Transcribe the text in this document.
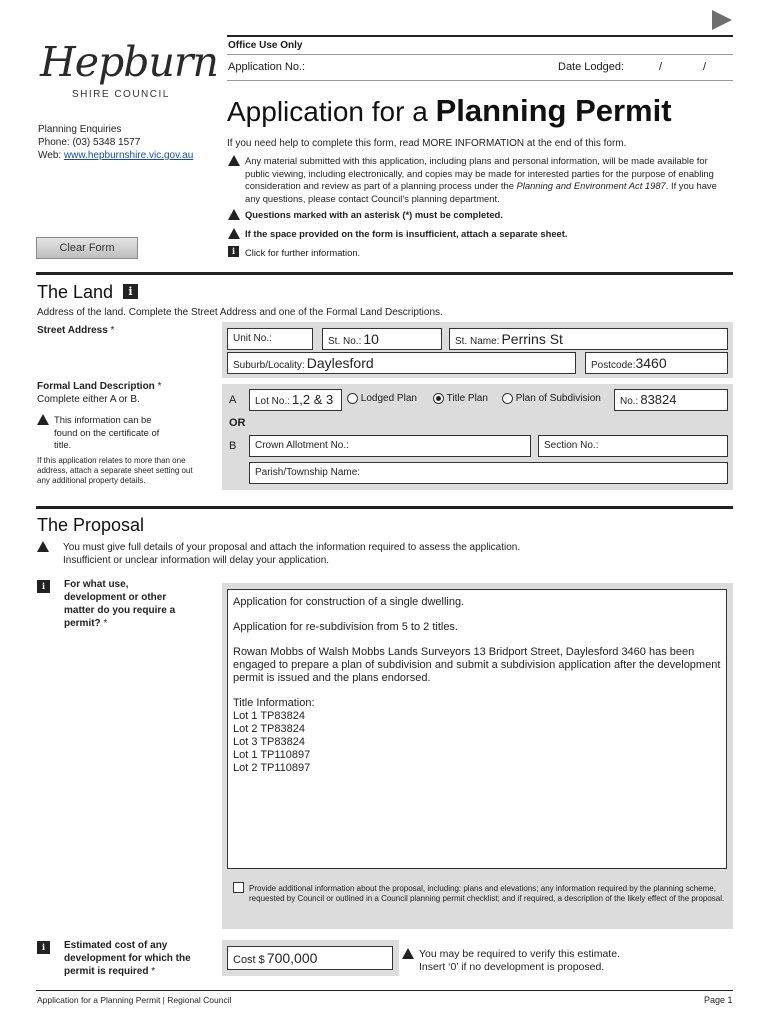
Hepburn
SHIRE COUNCIL
Office Use Only
Application No.:	Date Lodged:	/	/
Application for a Planning Permit
Planning Enquiries
Phone: (03) 5348 1577
Web: www.hepburnshire.vic.gov.au
If you need help to complete this form, read MORE INFORMATION at the end of this form.
Any material submitted with this application, including plans and personal information, will be made available for public viewing, including electronically, and copies may be made for interested parties for the purpose of enabling consideration and review as part of a planning process under the Planning and Environment Act 1987. If you have any questions, please contact Council’s planning department.
Questions marked with an asterisk (*) must be completed.
If the space provided on the form is insufficient, attach a separate sheet.
i	Click for further information.
Clear Form
The Land	i
Address of the land. Complete the Street Address and one of the Formal Land Descriptions.
Street Address *
Unit No.:	St. No.: 10	St. Name: Perrins St
Suburb/Locality: Daylesford	Postcode:3460
Formal Land Description *
Complete either A or B.
This information can be found on the certificate of title.
If this application relates to more than one address, attach a separate sheet setting out any additional property details.
A	Lot No.: 1,2 & 3	Lodged Plan	Title Plan	Plan of Subdivision	No.: 83824
OR
B	Crown Allotment No.:	Section No.:
Parish/Township Name:
The Proposal
You must give full details of your proposal and attach the information required to assess the application.
Insufficient or unclear information will delay your application.
i	For what use, development or other matter do you require a permit? *

Application for construction of a single dwelling.

Application for re-subdivision from 5 to 2 titles.

Rowan Mobbs of Walsh Mobbs Lands Surveyors 13 Bridport Street, Daylesford 3460 has been engaged to prepare a plan of subdivision and submit a subdivision application after the development permit is issued and the plans endorsed.

Title Information:
Lot 1 TP83824
Lot 2 TP83824
Lot 3 TP83824
Lot 1 TP110897
Lot 2 TP110897
Provide additional information about the proposal, including: plans and elevations; any information required by the planning scheme, requested by Council or outlined in a Council planning permit checklist; and if required, a description of the likely effect of the proposal.
i	Estimated cost of any development for which the permit is required *
Cost $ 700,000	You may be required to verify this estimate.
Insert ‘0’ if no development is proposed.
Application for a Planning Permit | Regional Council	Page 1
